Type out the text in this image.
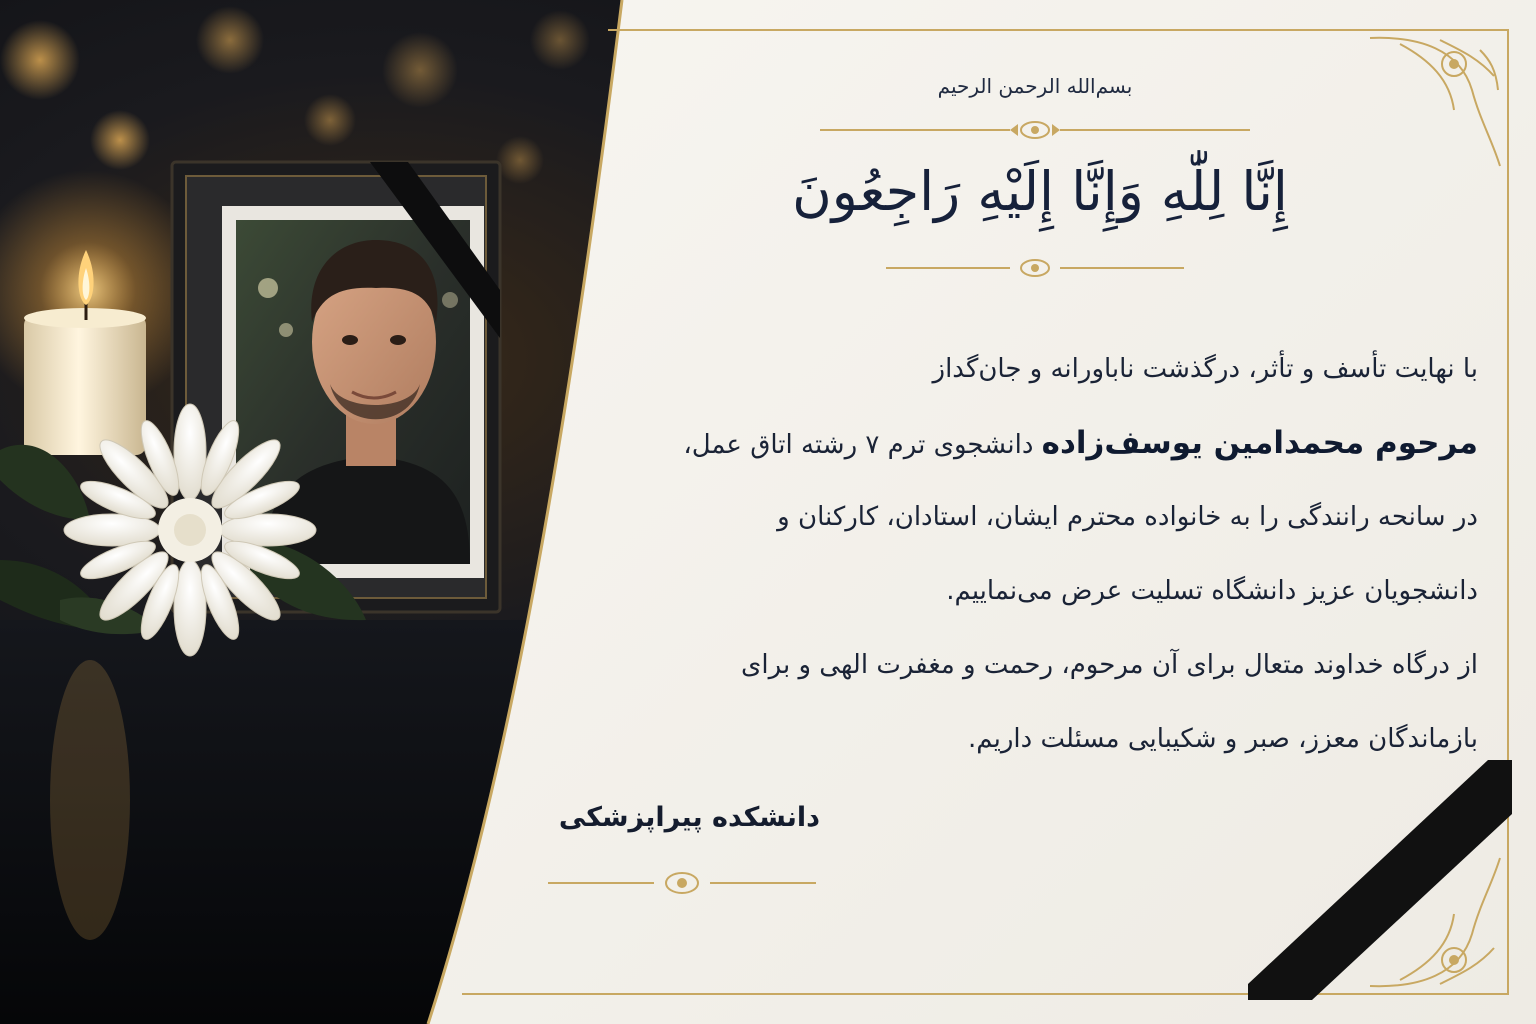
بسم‌الله الرحمن الرحیم
إِنَّا لِلّٰهِ وَإِنَّا إِلَيْهِ رَاجِعُونَ
با نهایت تأسف و تأثر، درگذشت ناباورانه و جان‌گداز
مرحوم محمدامین یوسف‌زاده دانشجوی ترم ۷ رشته اتاق عمل،
در سانحه رانندگی را به خانواده محترم ایشان، استادان، کارکنان و
دانشجویان عزیز دانشگاه تسلیت عرض می‌نماییم.
از درگاه خداوند متعال برای آن مرحوم، رحمت و مغفرت الهی و برای
بازماندگان معزز، صبر و شکیبایی مسئلت داریم.
دانشکده پیراپزشکی
